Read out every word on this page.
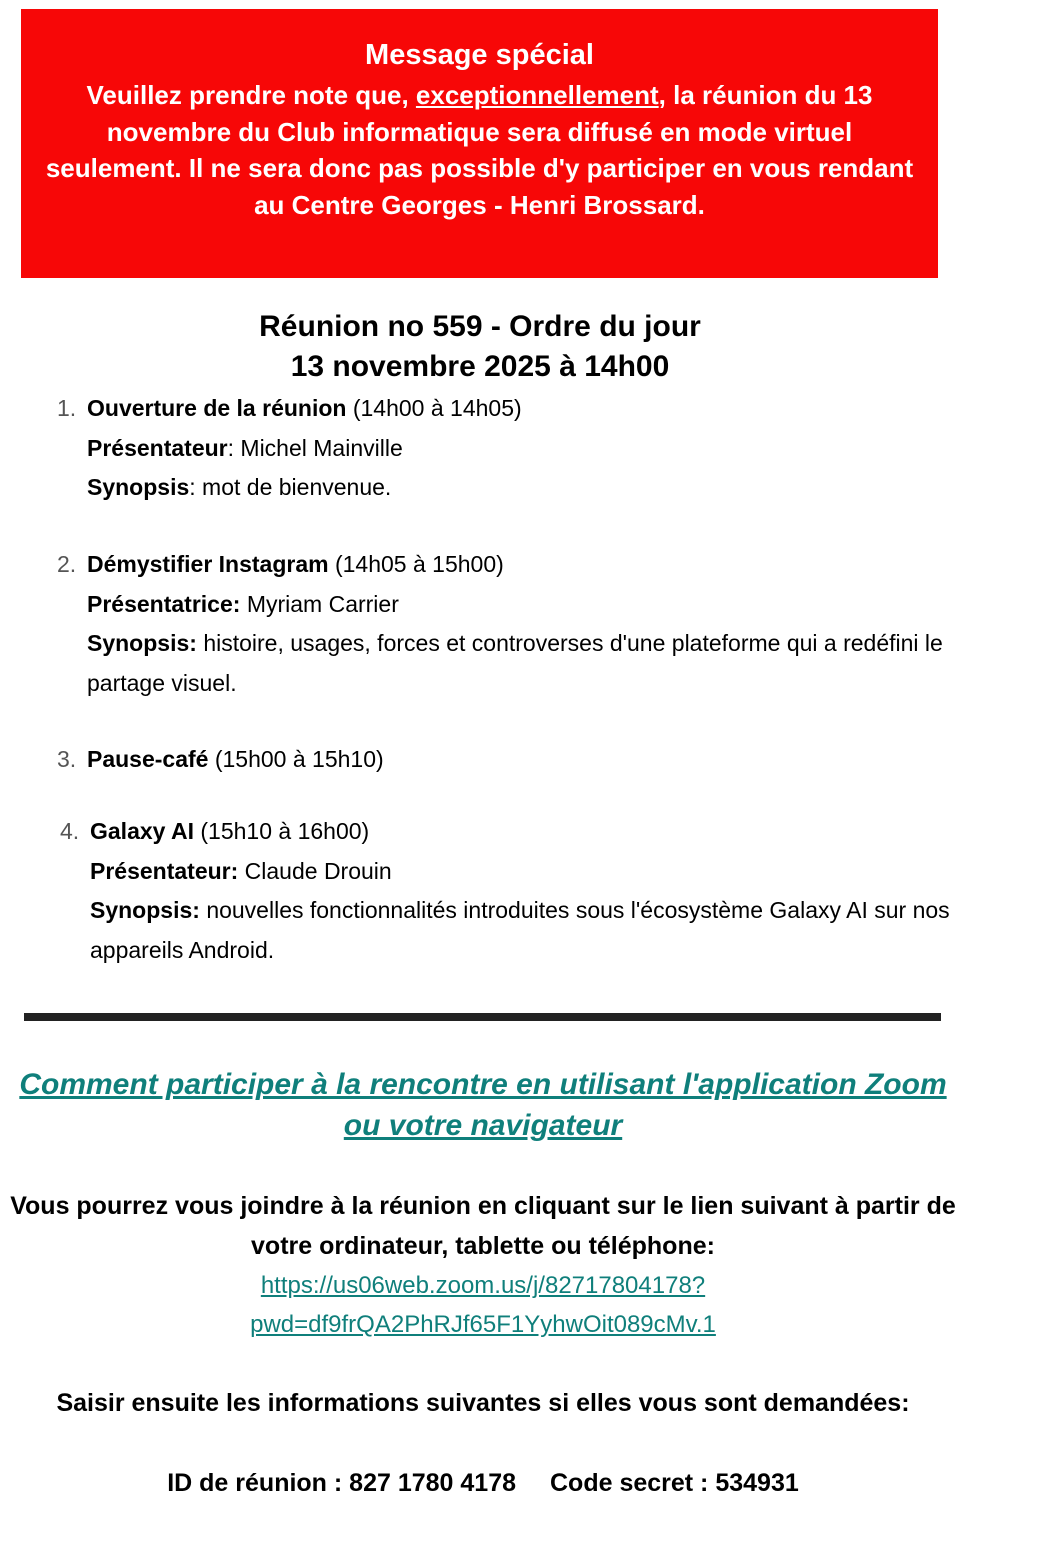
Message spécial
Veuillez prendre note que, exceptionnellement, la réunion du 13 novembre du Club informatique sera diffusé en mode virtuel seulement. Il ne sera donc pas possible d'y participer en vous rendant au Centre Georges - Henri Brossard.
Réunion no 559 - Ordre du jour
13 novembre 2025 à 14h00
1. Ouverture de la réunion (14h00 à 14h05)
Présentateur: Michel Mainville
Synopsis: mot de bienvenue.
2. Démystifier Instagram (14h05 à 15h00)
Présentatrice: Myriam Carrier
Synopsis: histoire, usages, forces et controverses d'une plateforme qui a redéfini le partage visuel.
3. Pause-café (15h00 à 15h10)
4. Galaxy AI (15h10 à 16h00)
Présentateur: Claude Drouin
Synopsis: nouvelles fonctionnalités introduites sous l'écosystème Galaxy AI sur nos appareils Android.
Comment participer à la rencontre en utilisant l'application Zoom ou votre navigateur
Vous pourrez vous joindre à la réunion en cliquant sur le lien suivant à partir de votre ordinateur, tablette ou téléphone:
https://us06web.zoom.us/j/82717804178?
pwd=df9frQA2PhRJf65F1YyhwOit089cMv.1
Saisir ensuite les informations suivantes si elles vous sont demandées:
ID de réunion : 827 1780 4178 Code secret : 534931
